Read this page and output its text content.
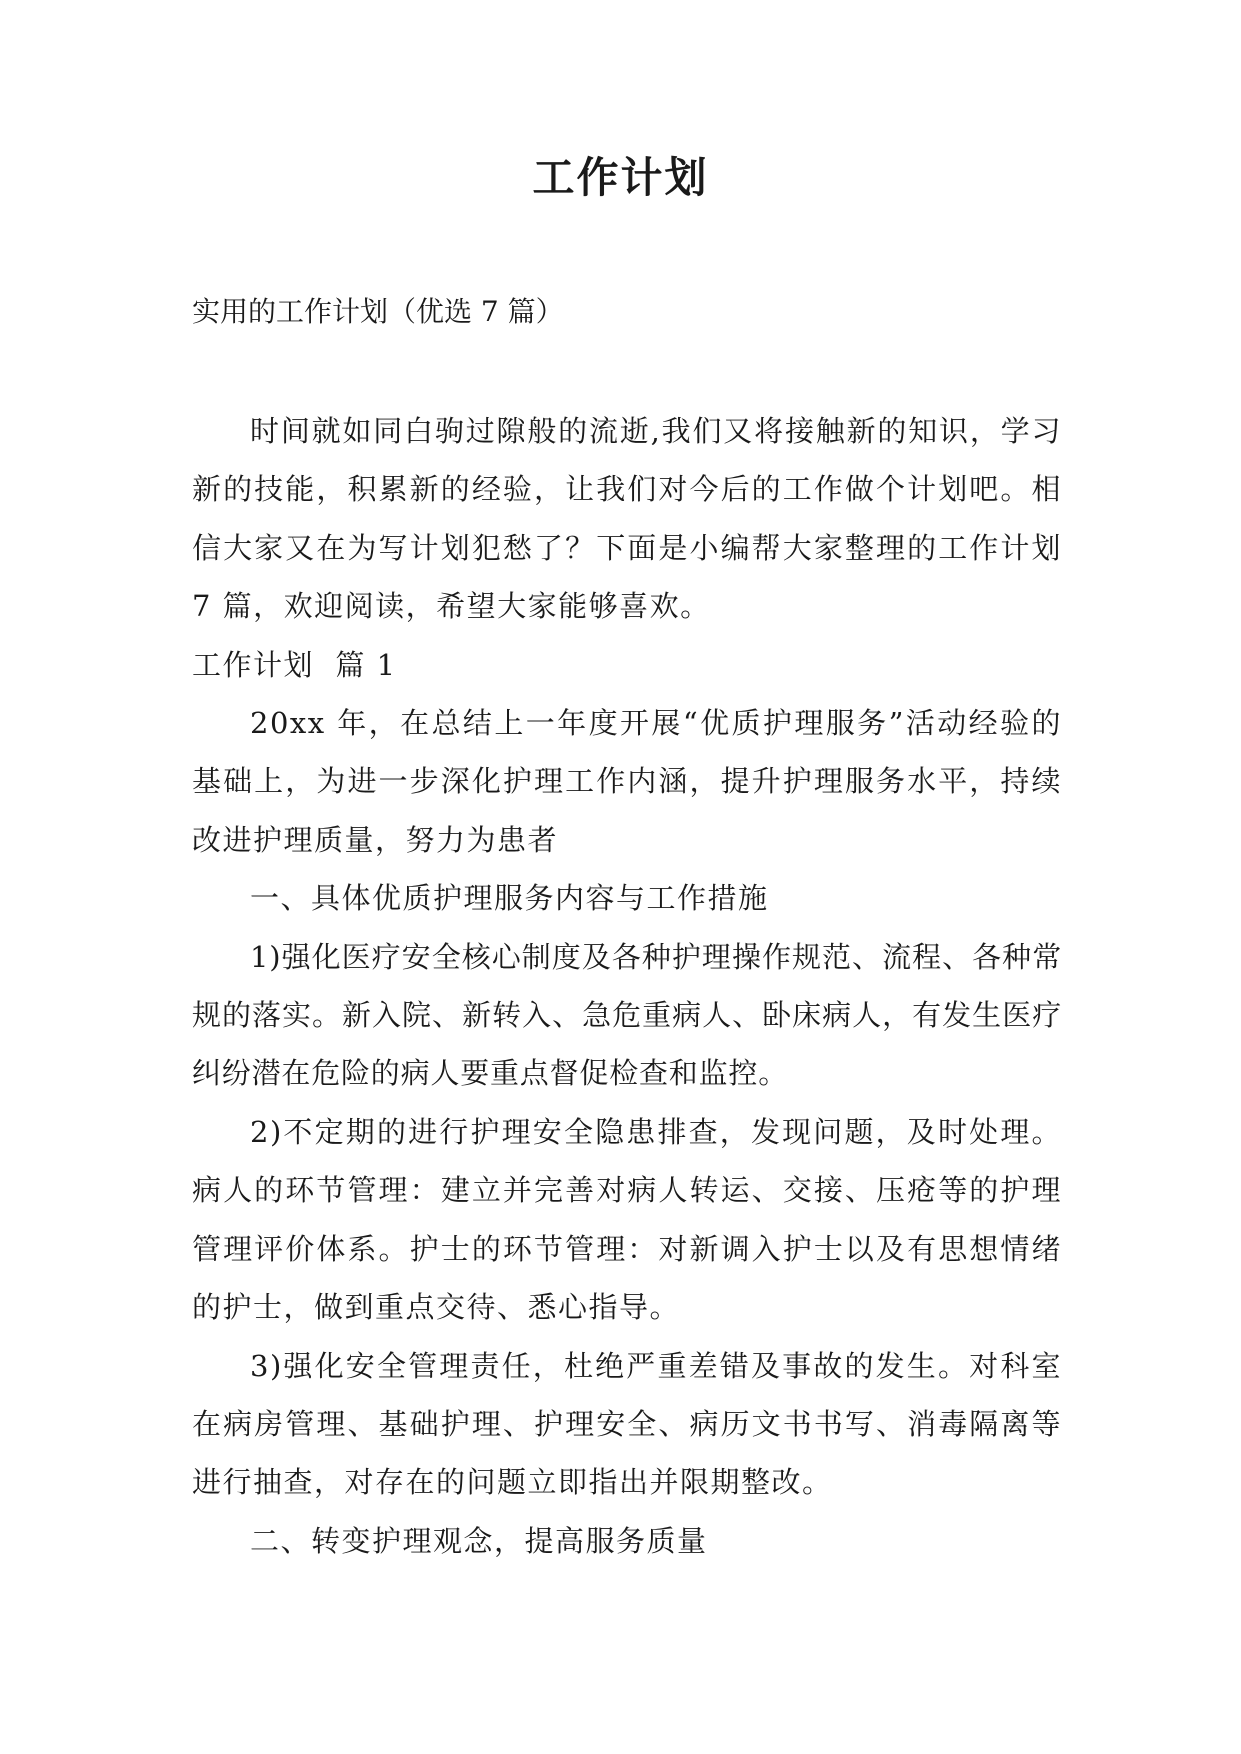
工作计划
实用的工作计划（优选 7 篇）

时间就如同白驹过隙般的流逝,我们又将接触新的知识，学习新的技能，积累新的经验，让我们对今后的工作做个计划吧。相信大家又在为写计划犯愁了？下面是小编帮大家整理的工作计划 7 篇，欢迎阅读，希望大家能够喜欢。

工作计划  篇 1

20xx 年，在总结上一年度开展“优质护理服务”活动经验的基础上，为进一步深化护理工作内涵，提升护理服务水平，持续改进护理质量，努力为患者

一、具体优质护理服务内容与工作措施

1)强化医疗安全核心制度及各种护理操作规范、流程、各种常规的落实。新入院、新转入、急危重病人、卧床病人，有发生医疗纠纷潜在危险的病人要重点督促检查和监控。

2)不定期的进行护理安全隐患排查，发现问题，及时处理。病人的环节管理：建立并完善对病人转运、交接、压疮等的护理管理评价体系。护士的环节管理：对新调入护士以及有思想情绪的护士，做到重点交待、悉心指导。

3)强化安全管理责任，杜绝严重差错及事故的发生。对科室在病房管理、基础护理、护理安全、病历文书书写、消毒隔离等进行抽查，对存在的问题立即指出并限期整改。

二、转变护理观念，提高服务质量
